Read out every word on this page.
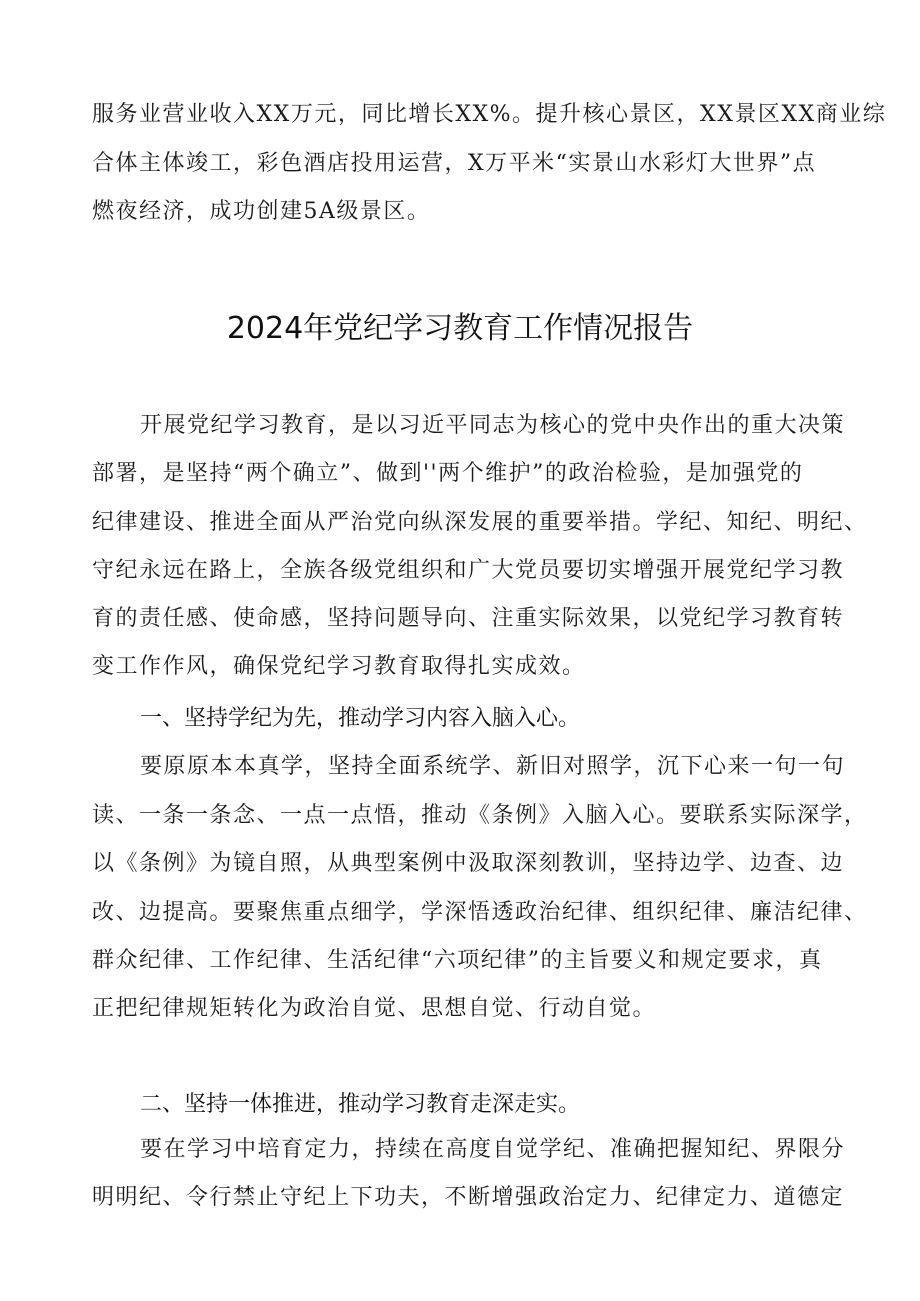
服务业营业收入XX万元，同比增长XX%。提升核心景区，XX景区XX商业综
合体主体竣工，彩色酒店投用运营，X万平米“实景山水彩灯大世界”点
燃夜经济，成功创建5A级景区。
2024年党纪学习教育工作情况报告
开展党纪学习教育，是以习近平同志为核心的党中央作出的重大决策
部署，是坚持“两个确立”、做到''两个维护”的政治检验，是加强党的
纪律建设、推进全面从严治党向纵深发展的重要举措。学纪、知纪、明纪、
守纪永远在路上，全族各级党组织和广大党员要切实增强开展党纪学习教
育的责任感、使命感，坚持问题导向、注重实际效果，以党纪学习教育转
变工作作风，确保党纪学习教育取得扎实成效。
一、坚持学纪为先，推动学习内容入脑入心。
要原原本本真学，坚持全面系统学、新旧对照学，沉下心来一句一句
读、一条一条念、一点一点悟，推动《条例》入脑入心。要联系实际深学，
以《条例》为镜自照，从典型案例中汲取深刻教训，坚持边学、边查、边
改、边提高。要聚焦重点细学，学深悟透政治纪律、组织纪律、廉洁纪律、
群众纪律、工作纪律、生活纪律“六项纪律”的主旨要义和规定要求，真
正把纪律规矩转化为政治自觉、思想自觉、行动自觉。
二、坚持一体推进，推动学习教育走深走实。
要在学习中培育定力，持续在高度自觉学纪、准确把握知纪、界限分
明明纪、令行禁止守纪上下功夫，不断增强政治定力、纪律定力、道德定
